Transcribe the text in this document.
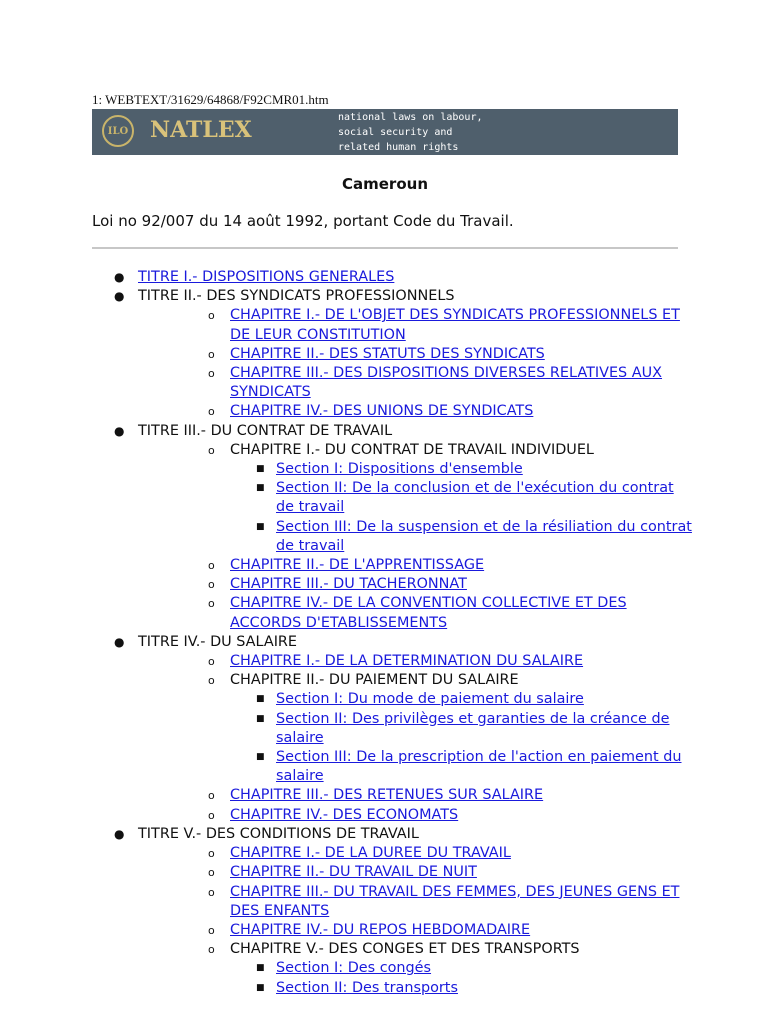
1: WEBTEXT/31629/64868/F92CMR01.htm
ILO NATLEX	national laws on labour,
social security and
related human rights
Cameroun
Loi no 92/007 du 14 août 1992, portant Code du Travail.
● TITRE I.- DISPOSITIONS GENERALES
● TITRE II.- DES SYNDICATS PROFESSIONNELS
o CHAPITRE I.- DE L'OBJET DES SYNDICATS PROFESSIONNELS ET DE LEUR CONSTITUTION
o CHAPITRE II.- DES STATUTS DES SYNDICATS
o CHAPITRE III.- DES DISPOSITIONS DIVERSES RELATIVES AUX SYNDICATS
o CHAPITRE IV.- DES UNIONS DE SYNDICATS
● TITRE III.- DU CONTRAT DE TRAVAIL
o CHAPITRE I.- DU CONTRAT DE TRAVAIL INDIVIDUEL
■ Section I: Dispositions d'ensemble
■ Section II: De la conclusion et de l'exécution du contrat de travail
■ Section III: De la suspension et de la résiliation du contrat de travail
o CHAPITRE II.- DE L'APPRENTISSAGE
o CHAPITRE III.- DU TACHERONNAT
o CHAPITRE IV.- DE LA CONVENTION COLLECTIVE ET DES ACCORDS D'ETABLISSEMENTS
● TITRE IV.- DU SALAIRE
o CHAPITRE I.- DE LA DETERMINATION DU SALAIRE
o CHAPITRE II.- DU PAIEMENT DU SALAIRE
■ Section I: Du mode de paiement du salaire
■ Section II: Des privilèges et garanties de la créance de salaire
■ Section III: De la prescription de l'action en paiement du salaire
o CHAPITRE III.- DES RETENUES SUR SALAIRE
o CHAPITRE IV.- DES ECONOMATS
● TITRE V.- DES CONDITIONS DE TRAVAIL
o CHAPITRE I.- DE LA DUREE DU TRAVAIL
o CHAPITRE II.- DU TRAVAIL DE NUIT
o CHAPITRE III.- DU TRAVAIL DES FEMMES, DES JEUNES GENS ET DES ENFANTS
o CHAPITRE IV.- DU REPOS HEBDOMADAIRE
o CHAPITRE V.- DES CONGES ET DES TRANSPORTS
■ Section I: Des congés
■ Section II: Des transports
